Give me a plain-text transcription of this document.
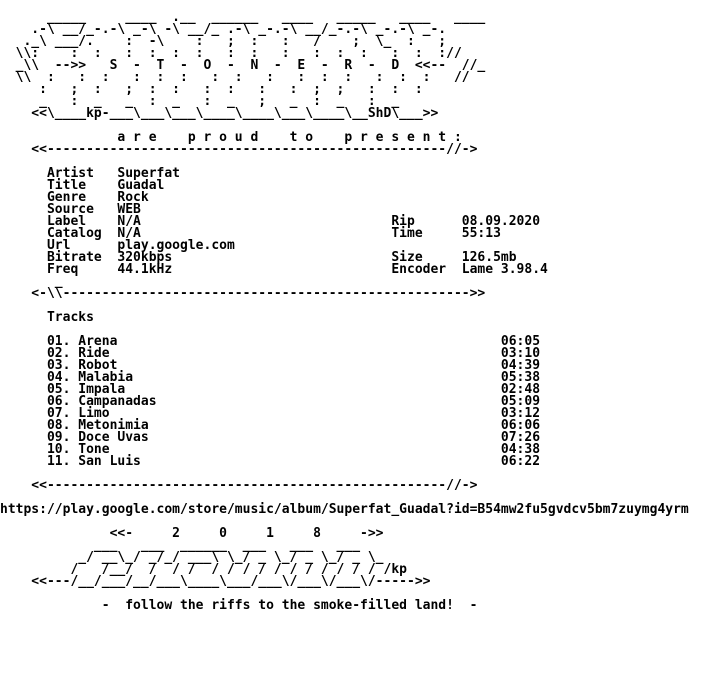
_____     ____  .__  ______   ____   _____   ____   ____
.-\ __/_-.-\ _-\ -\ __/_ .-\ _-.-\ __/_-.-\ _-.-\ _-.
._\ ___/.    :  -\    :   ;  :   :   /    ;  \_  :   ;
\\:    :  :   :  :  :  :   :  :   :   :  :  :   :  :  ://
_\\  -->>   S  -  T  -  O  -  N  -  E  -  R  -  D  <<--  //_
\\  :   :  :   :  :  :   :  :   :   :  :  :   :  :  :   //
:   ;  :   ;  :  :   :  :   :   :  ;  ;   :  :  :
_   :  _   _  :  _   :  _   ;   _  :  _   :  _
<<\____kp-___\___\___\____\____\___\____\__ShD\___>>

a r e    p r o u d    t o    p r e s e n t :
<<---------------------------------------------------//->

Artist   Superfat
Title    Guadal
Genre    Rock
Source   WEB
Label    N/A                                Rip      08.09.2020
Catalog  N/A                                Time     55:13
Url      play.google.com
Bitrate  320kbps                            Size     126.5mb
Freq     44.1kHz                            Encoder  Lame 3.98.4
_
<-\\---------------------------------------------------->>

Tracks

01. Arena                                                 06:05
02. Ride                                                  03:10
03. Robot                                                 04:39
04. Malabia                                               05:38
05. Impala                                                02:48
06. Campanadas                                            05:09
07. Limo                                                  03:12
08. Metonimia                                             06:06
09. Doce Uvas                                             07:26
10. Tone                                                  04:38
11. San Luis                                              06:22

<<---------------------------------------------------//->

https://play.google.com/store/music/album/Superfat_Guadal?id=B54mw2fu5gvdcv5bm7zuymg4yrm

<<-     2     0     1     8     ->>
___   ___  ______  ___   ___   ___
_/ __\_/ _/_/ ___\ \_/ _ \_/ _ \_/ _ \_
/   /__/  /  / /  / / / / / / / / / / / /kp
<<---/__/___/__/___\____\___/___\/___\/___\/----->>

-  follow the riffs to the smoke-filled land!  -
